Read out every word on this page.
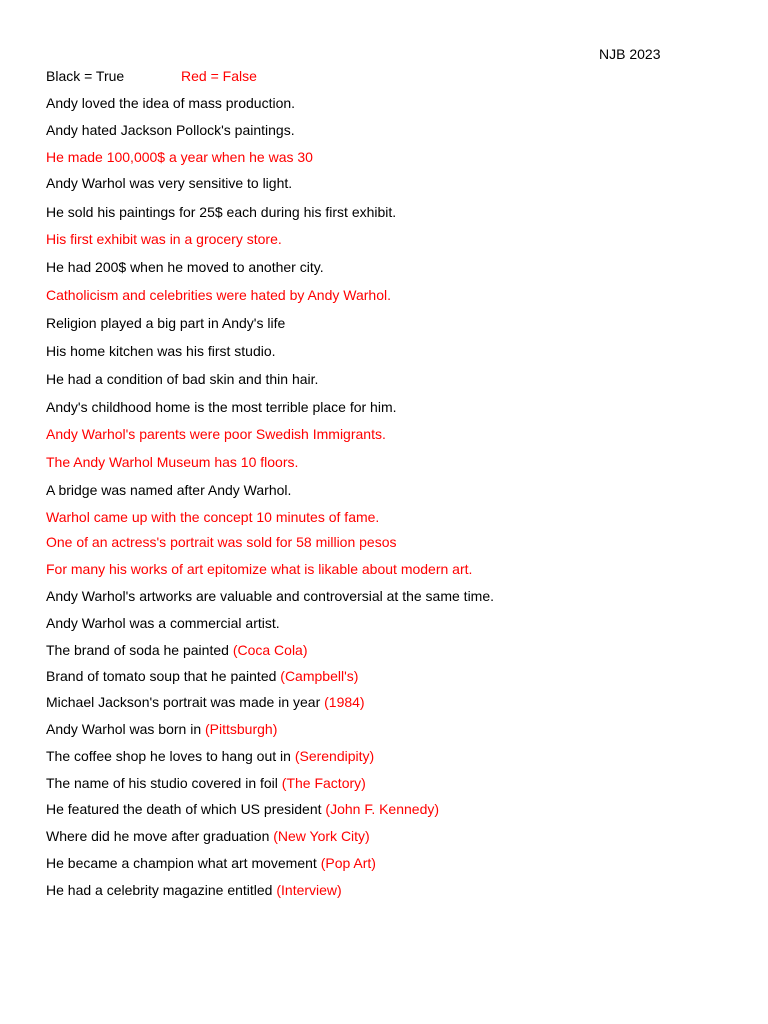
NJB 2023
Black = True	Red = False
Andy loved the idea of mass production.
Andy hated Jackson Pollock's paintings.
He made 100,000$ a year when he was 30
Andy Warhol was very sensitive to light.
He sold his paintings for 25$ each during his first exhibit.
His first exhibit was in a grocery store.
He had 200$ when he moved to another city.
Catholicism and celebrities were hated by Andy Warhol.
Religion played a big part in Andy's life
His home kitchen was his first studio.
He had a condition of bad skin and thin hair.
Andy's childhood home is the most terrible place for him.
Andy Warhol's parents were poor Swedish Immigrants.
The Andy Warhol Museum has 10 floors.
A bridge was named after Andy Warhol.
Warhol came up with the concept 10 minutes of fame.
One of an actress's portrait was sold for 58 million pesos
For many his works of art epitomize what is likable about modern art.
Andy Warhol's artworks are valuable and controversial at the same time.
Andy Warhol was a commercial artist.
The brand of soda he painted (Coca Cola)
Brand of tomato soup that he painted (Campbell's)
Michael Jackson's portrait was made in year (1984)
Andy Warhol was born in (Pittsburgh)
The coffee shop he loves to hang out in (Serendipity)
The name of his studio covered in foil (The Factory)
He featured the death of which US president (John F. Kennedy)
Where did he move after graduation (New York City)
He became a champion what art movement (Pop Art)
He had a celebrity magazine entitled (Interview)
